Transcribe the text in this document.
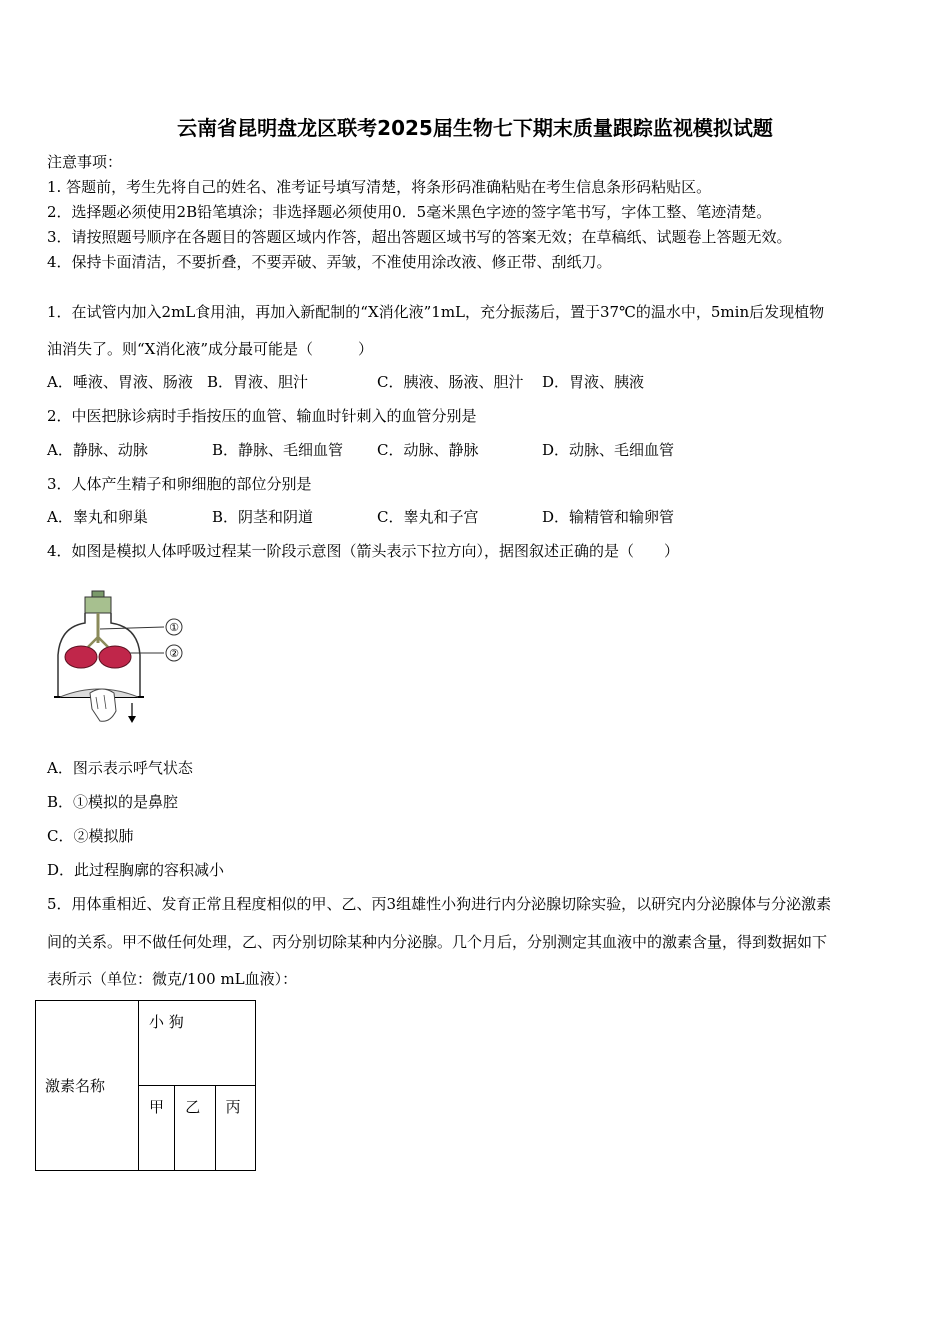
云南省昆明盘龙区联考2025届生物七下期末质量跟踪监视模拟试题
注意事项：
1. 答题前，考生先将自己的姓名、准考证号填写清楚，将条形码准确粘贴在考生信息条形码粘贴区。
2．选择题必须使用2B铅笔填涂；非选择题必须使用0．5毫米黑色字迹的签字笔书写，字体工整、笔迹清楚。
3．请按照题号顺序在各题目的答题区域内作答，超出答题区域书写的答案无效；在草稿纸、试题卷上答题无效。
4．保持卡面清洁，不要折叠，不要弄破、弄皱，不准使用涂改液、修正带、刮纸刀。
1．在试管内加入2mL食用油，再加入新配制的“X消化液”1mL，充分振荡后，置于37℃的温水中，5min后发现植物
油消失了。则“X消化液”成分最可能是（　　　）
A．唾液、胃液、肠液 B．胃液、胆汁	C．胰液、肠液、胆汁 D．胃液、胰液
2．中医把脉诊病时手指按压的血管、输血时针刺入的血管分别是
A．静脉、动脉	B．静脉、毛细血管 C．动脉、静脉	D．动脉、毛细血管
3．人体产生精子和卵细胞的部位分别是
A．睾丸和卵巢	B．阴茎和阴道	C．睾丸和子宫	D．输精管和输卵管
4．如图是模拟人体呼吸过程某一阶段示意图（箭头表示下拉方向），据图叙述正确的是（　　）
①
②
A．图示表示呼气状态
B．①模拟的是鼻腔
C．②模拟肺
D．此过程胸廓的容积减小
5．用体重相近、发育正常且程度相似的甲、乙、丙3组雄性小狗进行内分泌腺切除实验，以研究内分泌腺体与分泌激素
间的关系。甲不做任何处理，乙、丙分别切除某种内分泌腺。几个月后，分别测定其血液中的激素含量，得到数据如下
表所示（单位：微克/100 mL血液）：
激素名称	小 狗		

	甲	乙	丙
